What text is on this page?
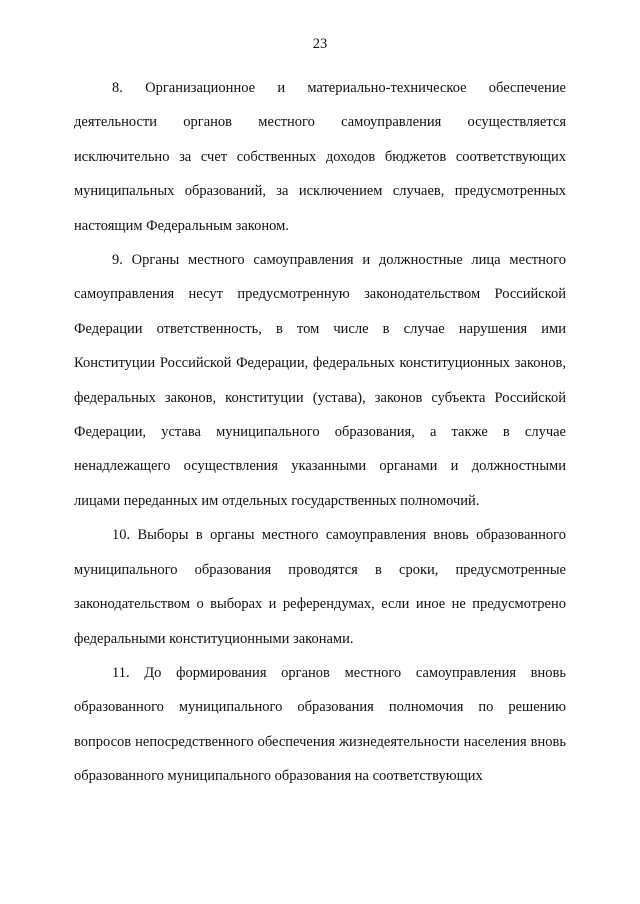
23

8. Организационное и материально-техническое обеспечение деятельности органов местного самоуправления осуществляется исключительно за счет собственных доходов бюджетов соответствующих муниципальных образований, за исключением случаев, предусмотренных настоящим Федеральным законом.

9. Органы местного самоуправления и должностные лица местного самоуправления несут предусмотренную законодательством Российской Федерации ответственность, в том числе в случае нарушения ими Конституции Российской Федерации, федеральных конституционных законов, федеральных законов, конституции (устава), законов субъекта Российской Федерации, устава муниципального образования, а также в случае ненадлежащего осуществления указанными органами и должностными лицами переданных им отдельных государственных полномочий.

10. Выборы в органы местного самоуправления вновь образованного муниципального образования проводятся в сроки, предусмотренные законодательством о выборах и референдумах, если иное не предусмотрено федеральными конституционными законами.

11. До формирования органов местного самоуправления вновь образованного муниципального образования полномочия по решению вопросов непосредственного обеспечения жизнедеятельности населения вновь образованного муниципального образования на соответствующих
